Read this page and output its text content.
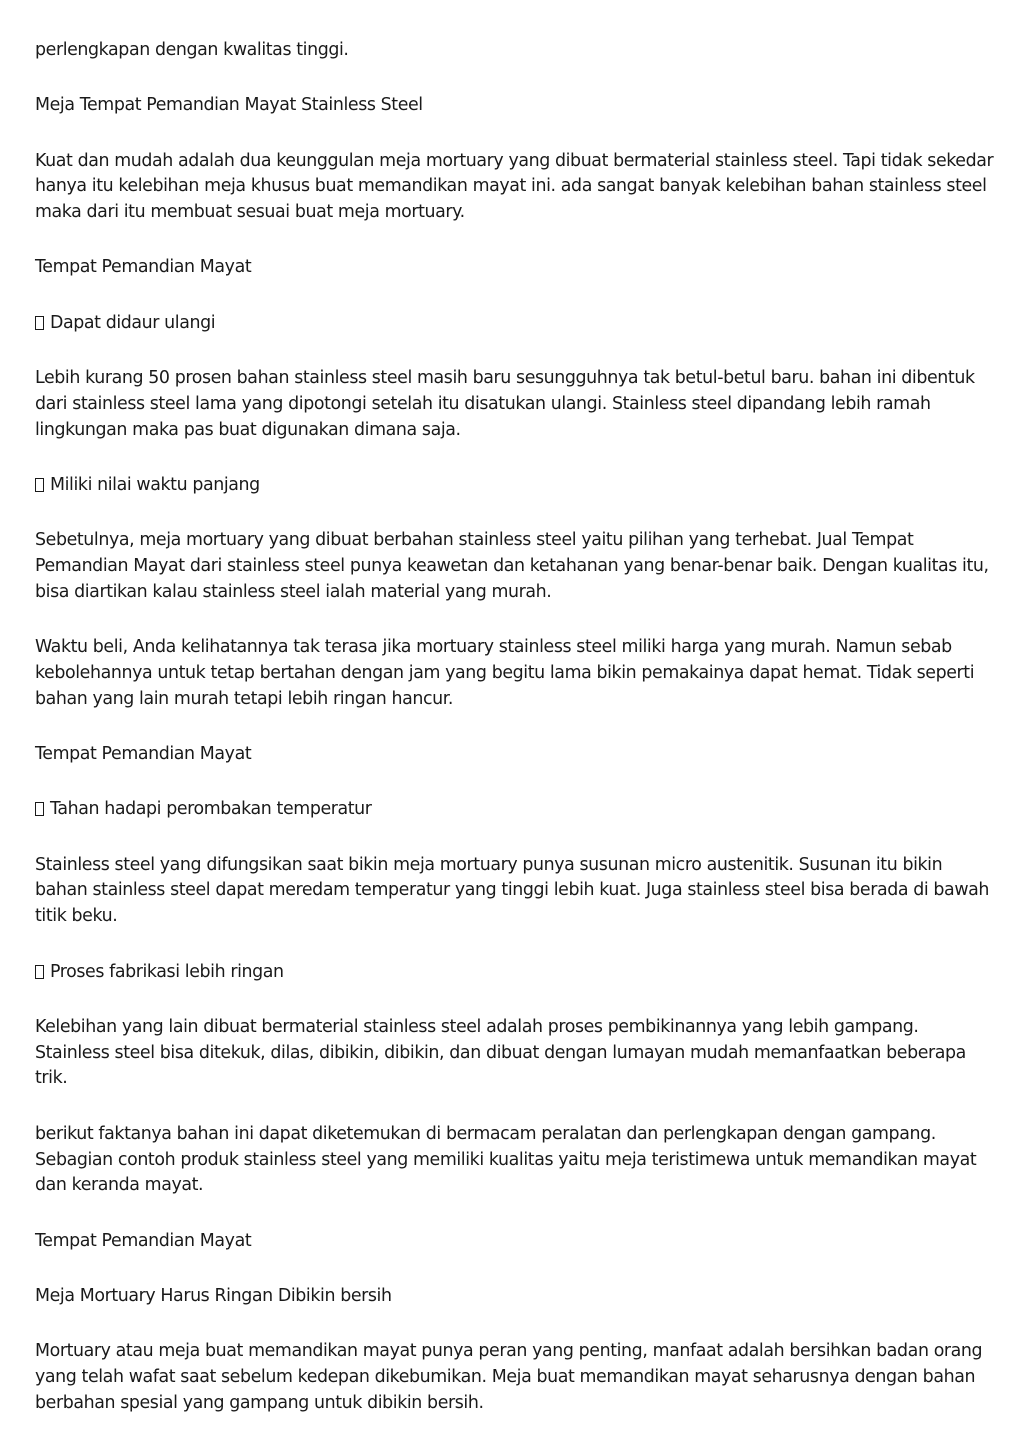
perlengkapan dengan kwalitas tinggi.

Meja Tempat Pemandian Mayat Stainless Steel

Kuat dan mudah adalah dua keunggulan meja mortuary yang dibuat bermaterial stainless steel. Tapi tidak sekedar hanya itu kelebihan meja khusus buat memandikan mayat ini. ada sangat banyak kelebihan bahan stainless steel maka dari itu membuat sesuai buat meja mortuary.

Tempat Pemandian Mayat

Dapat didaur ulangi

Lebih kurang 50 prosen bahan stainless steel masih baru sesungguhnya tak betul-betul baru. bahan ini dibentuk dari stainless steel lama yang dipotongi setelah itu disatukan ulangi. Stainless steel dipandang lebih ramah lingkungan maka pas buat digunakan dimana saja.

Miliki nilai waktu panjang

Sebetulnya, meja mortuary yang dibuat berbahan stainless steel yaitu pilihan yang terhebat. Jual Tempat Pemandian Mayat dari stainless steel punya keawetan dan ketahanan yang benar-benar baik. Dengan kualitas itu, bisa diartikan kalau stainless steel ialah material yang murah.

Waktu beli, Anda kelihatannya tak terasa jika mortuary stainless steel miliki harga yang murah. Namun sebab kebolehannya untuk tetap bertahan dengan jam yang begitu lama bikin pemakainya dapat hemat. Tidak seperti bahan yang lain murah tetapi lebih ringan hancur.

Tempat Pemandian Mayat

Tahan hadapi perombakan temperatur

Stainless steel yang difungsikan saat bikin meja mortuary punya susunan micro austenitik. Susunan itu bikin bahan stainless steel dapat meredam temperatur yang tinggi lebih kuat. Juga stainless steel bisa berada di bawah titik beku.

Proses fabrikasi lebih ringan

Kelebihan yang lain dibuat bermaterial stainless steel adalah proses pembikinannya yang lebih gampang. Stainless steel bisa ditekuk, dilas, dibikin, dibikin, dan dibuat dengan lumayan mudah memanfaatkan beberapa trik.

berikut faktanya bahan ini dapat diketemukan di bermacam peralatan dan perlengkapan dengan gampang. Sebagian contoh produk stainless steel yang memiliki kualitas yaitu meja teristimewa untuk memandikan mayat dan keranda mayat.

Tempat Pemandian Mayat

Meja Mortuary Harus Ringan Dibikin bersih

Mortuary atau meja buat memandikan mayat punya peran yang penting, manfaat adalah bersihkan badan orang yang telah wafat saat sebelum kedepan dikebumikan. Meja buat memandikan mayat seharusnya dengan bahan berbahan spesial yang gampang untuk dibikin bersih.
